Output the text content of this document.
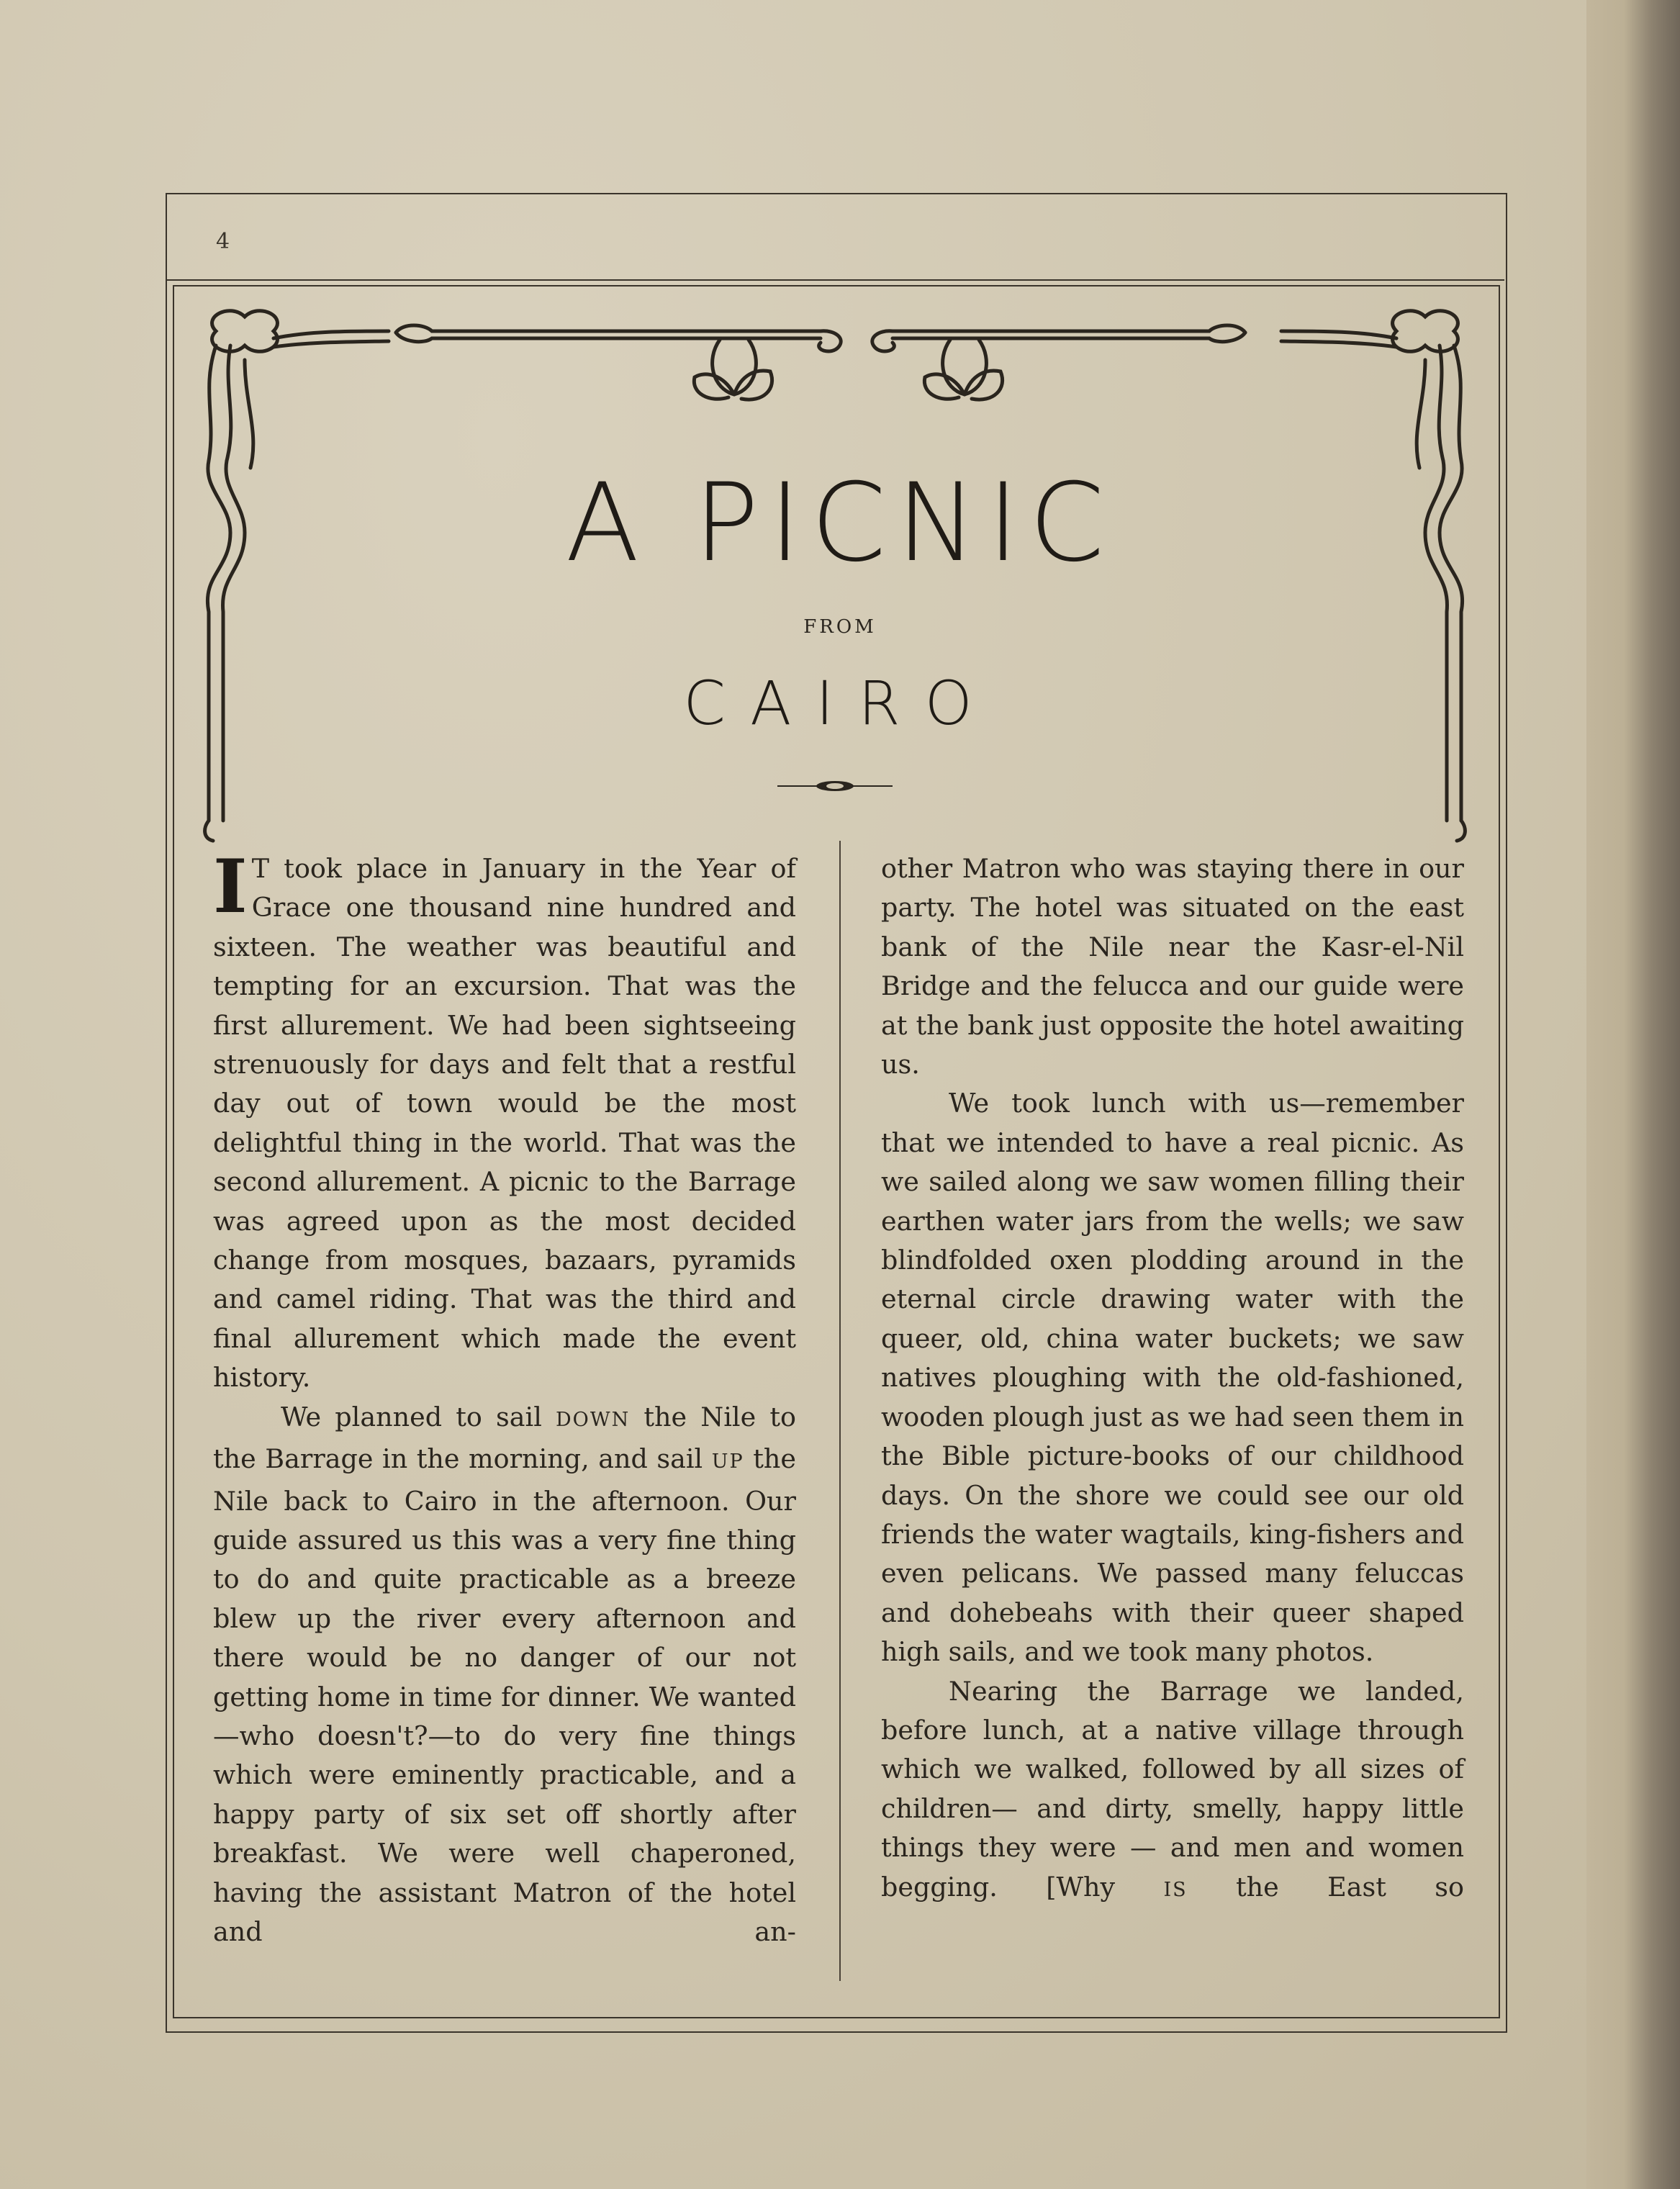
4
A PICNIC
FROM
CAIRO

I T took place in January in the Year of Grace one thousand nine hundred and sixteen. The weather was beautiful and tempting for an excursion. That was the first allurement. We had been sightseeing strenuously for days and felt that a restful day out of town would be the most delightful thing in the world. That was the second allurement. A picnic to the Barrage was agreed upon as the most decided change from mosques, bazaars, pyramids and camel riding. That was the third and final allurement which made the event history.

We planned to sail DOWN the Nile to the Barrage in the morning, and sail UP the Nile back to Cairo in the afternoon. Our guide assured us this was a very fine thing to do and quite practicable as a breeze blew up the river every afternoon and there would be no danger of our not getting home in time for dinner. We wanted—who doesn't?—to do very fine things which were eminently practicable, and a happy party of six set off shortly after breakfast. We were well chaperoned, having the assistant Matron of the hotel and an-

other Matron who was staying there in our party. The hotel was situated on the east bank of the Nile near the Kasr-el-Nil Bridge and the felucca and our guide were at the bank just opposite the hotel awaiting us.

We took lunch with us—remember that we intended to have a real picnic. As we sailed along we saw women filling their earthen water jars from the wells; we saw blindfolded oxen plodding around in the eternal circle drawing water with the queer, old, china water buckets; we saw natives ploughing with the old-fashioned, wooden plough just as we had seen them in the Bible picture-books of our childhood days. On the shore we could see our old friends the water wagtails, king-fishers and even pelicans. We passed many feluccas and dohebeahs with their queer shaped high sails, and we took many photos.

Nearing the Barrage we landed, before lunch, at a native village through which we walked, followed by all sizes of children— and dirty, smelly, happy little things they were — and men and women begging. [Why IS the East so
